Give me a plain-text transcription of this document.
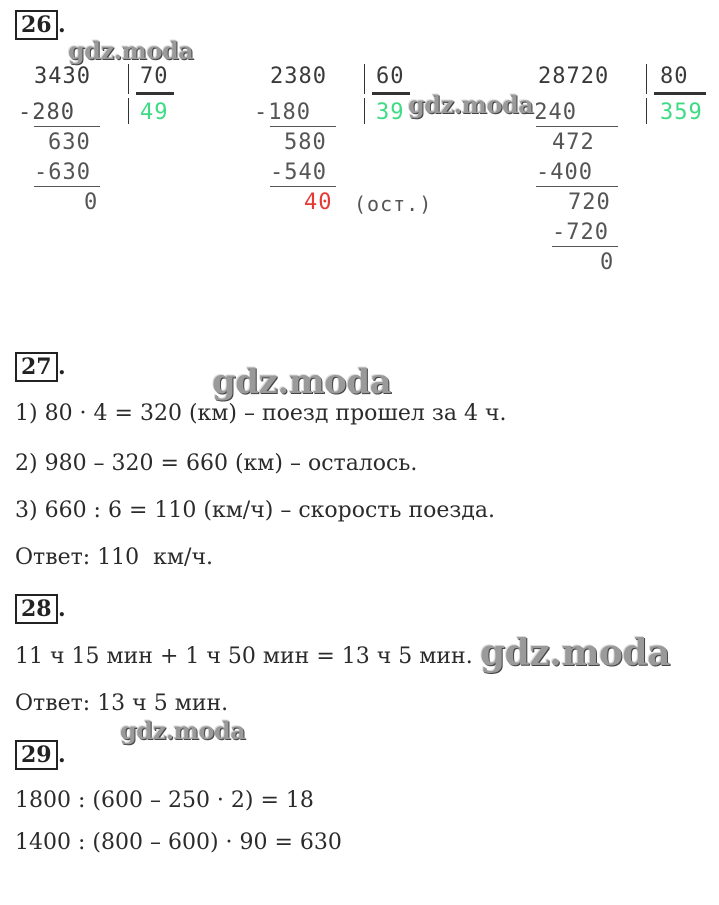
26 .
3430 70
49
-280
630
-630
0
2380 60
39
-180
580
-540
40 (ост.)
28720 80
359
-240
472
-400
720
-720
0
27 .
1) 80 · 4 = 320 (км) – поезд прошел за 4 ч.
2) 980 – 320 = 660 (км) – осталось.
3) 660 : 6 = 110 (км/ч) – скорость поезда.
Ответ: 110  км/ч.
28 .
11 ч 15 мин + 1 ч 50 мин = 13 ч 5 мин.
Ответ: 13 ч 5 мин.
29 .
1800 : (600 – 250 · 2) = 18
1400 : (800 – 600) · 90 = 630
gdz.moda
gdz.moda
gdz.moda
gdz.moda
gdz.moda
